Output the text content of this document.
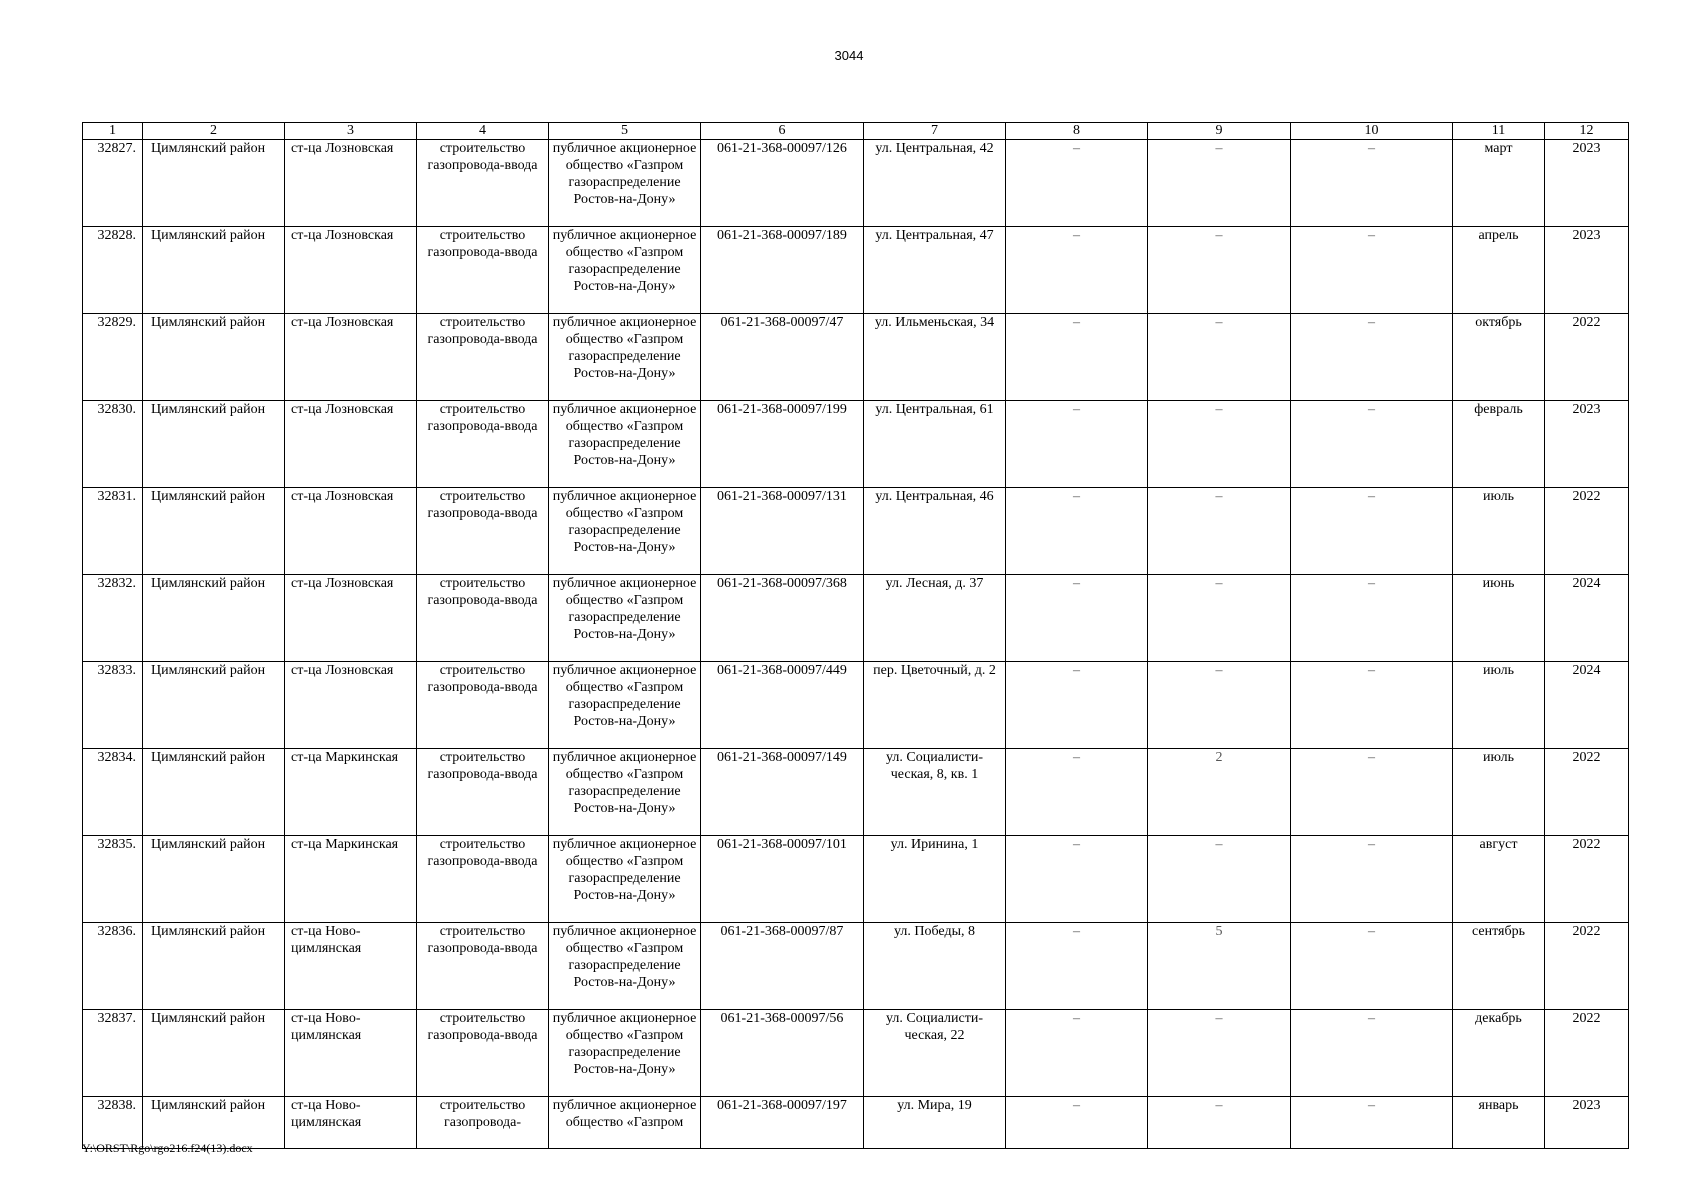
3044
1	2	3	4	5	6	7	8	9	10	11	12
32827.	Цимлянский район	ст-ца Лозновская	строительство газопровода-ввода	публичное акционерное общество «Газпром газораспределение Ростов-на-Дону»	061-21-368-00097/126	ул. Центральная, 42	–	–	–	март	2023
32828.	Цимлянский район	ст-ца Лозновская	строительство газопровода-ввода	публичное акционерное общество «Газпром газораспределение Ростов-на-Дону»	061-21-368-00097/189	ул. Центральная, 47	–	–	–	апрель	2023
32829.	Цимлянский район	ст-ца Лозновская	строительство газопровода-ввода	публичное акционерное общество «Газпром газораспределение Ростов-на-Дону»	061-21-368-00097/47	ул. Ильменьская, 34	–	–	–	октябрь	2022
32830.	Цимлянский район	ст-ца Лозновская	строительство газопровода-ввода	публичное акционерное общество «Газпром газораспределение Ростов-на-Дону»	061-21-368-00097/199	ул. Центральная, 61	–	–	–	февраль	2023
32831.	Цимлянский район	ст-ца Лозновская	строительство газопровода-ввода	публичное акционерное общество «Газпром газораспределение Ростов-на-Дону»	061-21-368-00097/131	ул. Центральная, 46	–	–	–	июль	2022
32832.	Цимлянский район	ст-ца Лозновская	строительство газопровода-ввода	публичное акционерное общество «Газпром газораспределение Ростов-на-Дону»	061-21-368-00097/368	ул. Лесная, д. 37	–	–	–	июнь	2024
32833.	Цимлянский район	ст-ца Лозновская	строительство газопровода-ввода	публичное акционерное общество «Газпром газораспределение Ростов-на-Дону»	061-21-368-00097/449	пер. Цветочный, д. 2	–	–	–	июль	2024
32834.	Цимлянский район	ст-ца Маркинская	строительство газопровода-ввода	публичное акционерное общество «Газпром газораспределение Ростов-на-Дону»	061-21-368-00097/149	ул. Социалисти-ческая, 8, кв. 1	–	2	–	июль	2022
32835.	Цимлянский район	ст-ца Маркинская	строительство газопровода-ввода	публичное акционерное общество «Газпром газораспределение Ростов-на-Дону»	061-21-368-00097/101	ул. Иринина, 1	–	–	–	август	2022
32836.	Цимлянский район	ст-ца Ново-цимлянская	строительство газопровода-ввода	публичное акционерное общество «Газпром газораспределение Ростов-на-Дону»	061-21-368-00097/87	ул. Победы, 8	–	5	–	сентябрь	2022
32837.	Цимлянский район	ст-ца Ново-цимлянская	строительство газопровода-ввода	публичное акционерное общество «Газпром газораспределение Ростов-на-Дону»	061-21-368-00097/56	ул. Социалисти-ческая, 22	–	–	–	декабрь	2022
32838.	Цимлянский район	ст-ца Ново-цимлянская	строительство газопровода-	публичное акционерное общество «Газпром	061-21-368-00097/197	ул. Мира, 19	–	–	–	январь	2023
Y:\ORST\Rgo\rgo216.f24(13).docx
